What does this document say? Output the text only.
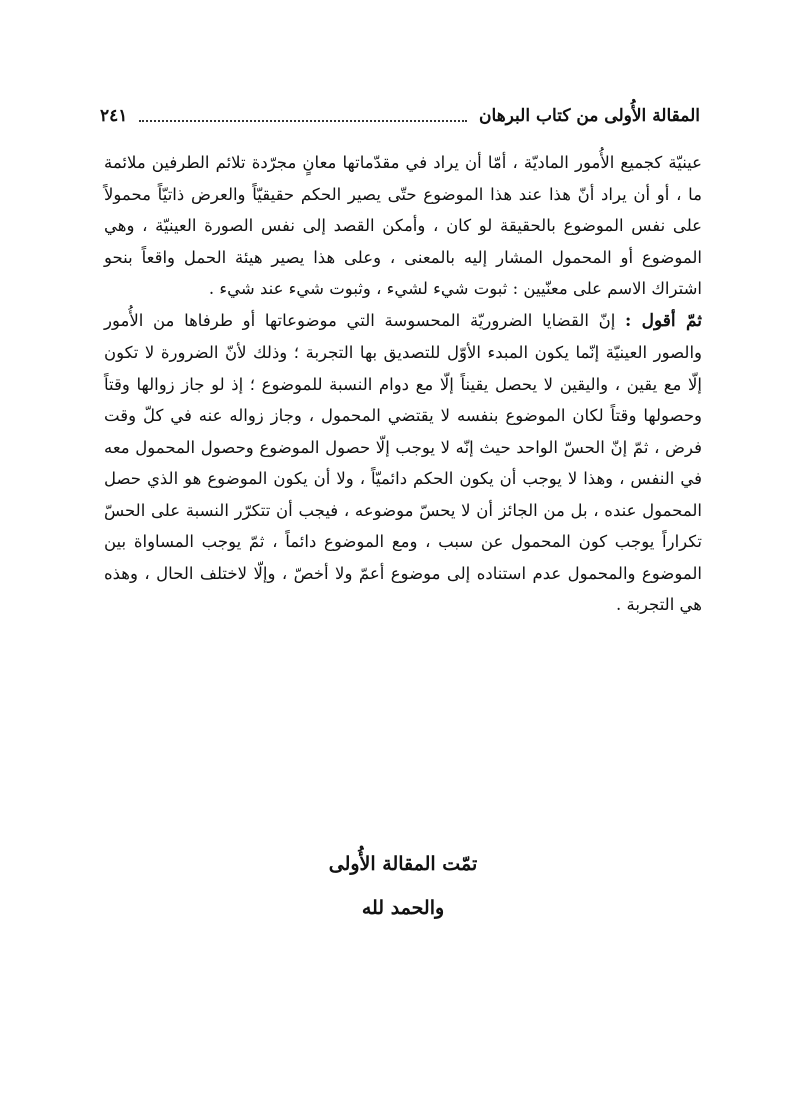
المقالة الأُولى من كتاب البرهان
٢٤١

عينيّة كجميع الأُمور الماديّة ، أمّا أن يراد في مقدّماتها معانٍ مجرّدة تلائم الطرفين ملائمة ما ، أو أن يراد أنّ هذا عند هذا الموضوع حتّى يصير الحكم حقيقيّاً والعرض ذاتيّاً محمولاً على نفس الموضوع بالحقيقة لو كان ، وأمكن القصد إلى نفس الصورة العينيّة ، وهي الموضوع أو المحمول المشار إليه بالمعنى ، وعلى هذا يصير هيئة الحمل واقعاً بنحو اشتراك الاسم على معنّيين : ثبوت شيء لشيء ، وثبوت شيء عند شيء .

ثمّ أقول : إنّ القضايا الضروريّة المحسوسة التي موضوعاتها أو طرفاها من الأُمور والصور العينيّة إنّما يكون المبدء الأوّل للتصديق بها التجربة ؛ وذلك لأنّ الضرورة لا تكون إلّا مع يقين ، واليقين لا يحصل يقيناً إلّا مع دوام النسبة للموضوع ؛ إذ لو جاز زوالها وقتاً وحصولها وقتاً لكان الموضوع بنفسه لا يقتضي المحمول ، وجاز زواله عنه في كلّ وقت فرض ، ثمّ إنّ الحسّ الواحد حيث إنّه لا يوجب إلّا حصول الموضوع وحصول المحمول معه في النفس ، وهذا لا يوجب أن يكون الحكم دائميّاً ، ولا أن يكون الموضوع هو الذي حصل المحمول عنده ، بل من الجائز أن لا يحسّ موضوعه ، فيجب أن تتكرّر النسبة على الحسّ تكراراً يوجب كون المحمول عن سبب ، ومع الموضوع دائماً ، ثمّ يوجب المساواة بين الموضوع والمحمول عدم استناده إلى موضوع أعمّ ولا أخصّ ، وإلّا لاختلف الحال ، وهذه هي التجربة .

تمّت المقالة الأُولى

والحمد لله
